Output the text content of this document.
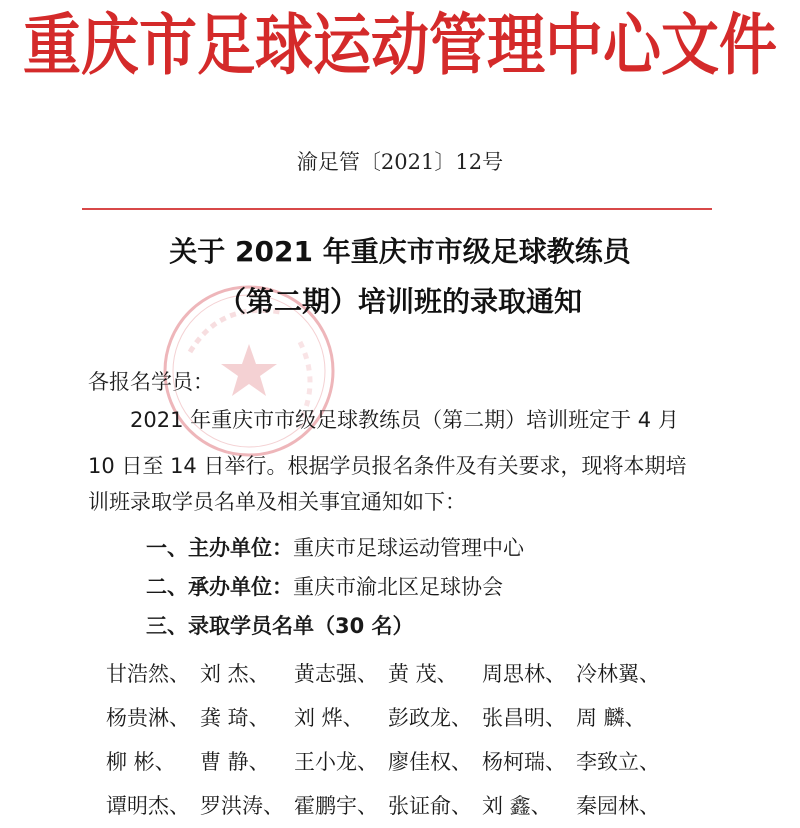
重庆市足球运动管理中心文件
渝足管〔2021〕12号
关于 2021 年重庆市市级足球教练员
（第二期）培训班的录取通知
各报名学员：
2021 年重庆市市级足球教练员（第二期）培训班定于 4 月
10 日至 14 日举行。根据学员报名条件及有关要求，现将本期培
训班录取学员名单及相关事宜通知如下：
一、主办单位：重庆市足球运动管理中心
二、承办单位：重庆市渝北区足球协会
三、录取学员名单（30 名）
甘浩然、 刘 杰、	黄志强、 黄 茂、	周思林、 冷林翼、
杨贵淋、 龚 琦、	刘 烨、	彭政龙、 张昌明、 周 麟、
柳 彬、	曹 静、	王小龙、 廖佳权、 杨柯瑞、 李致立、
谭明杰、 罗洪涛、 霍鹏宇、 张证俞、 刘 鑫、	秦园林、
